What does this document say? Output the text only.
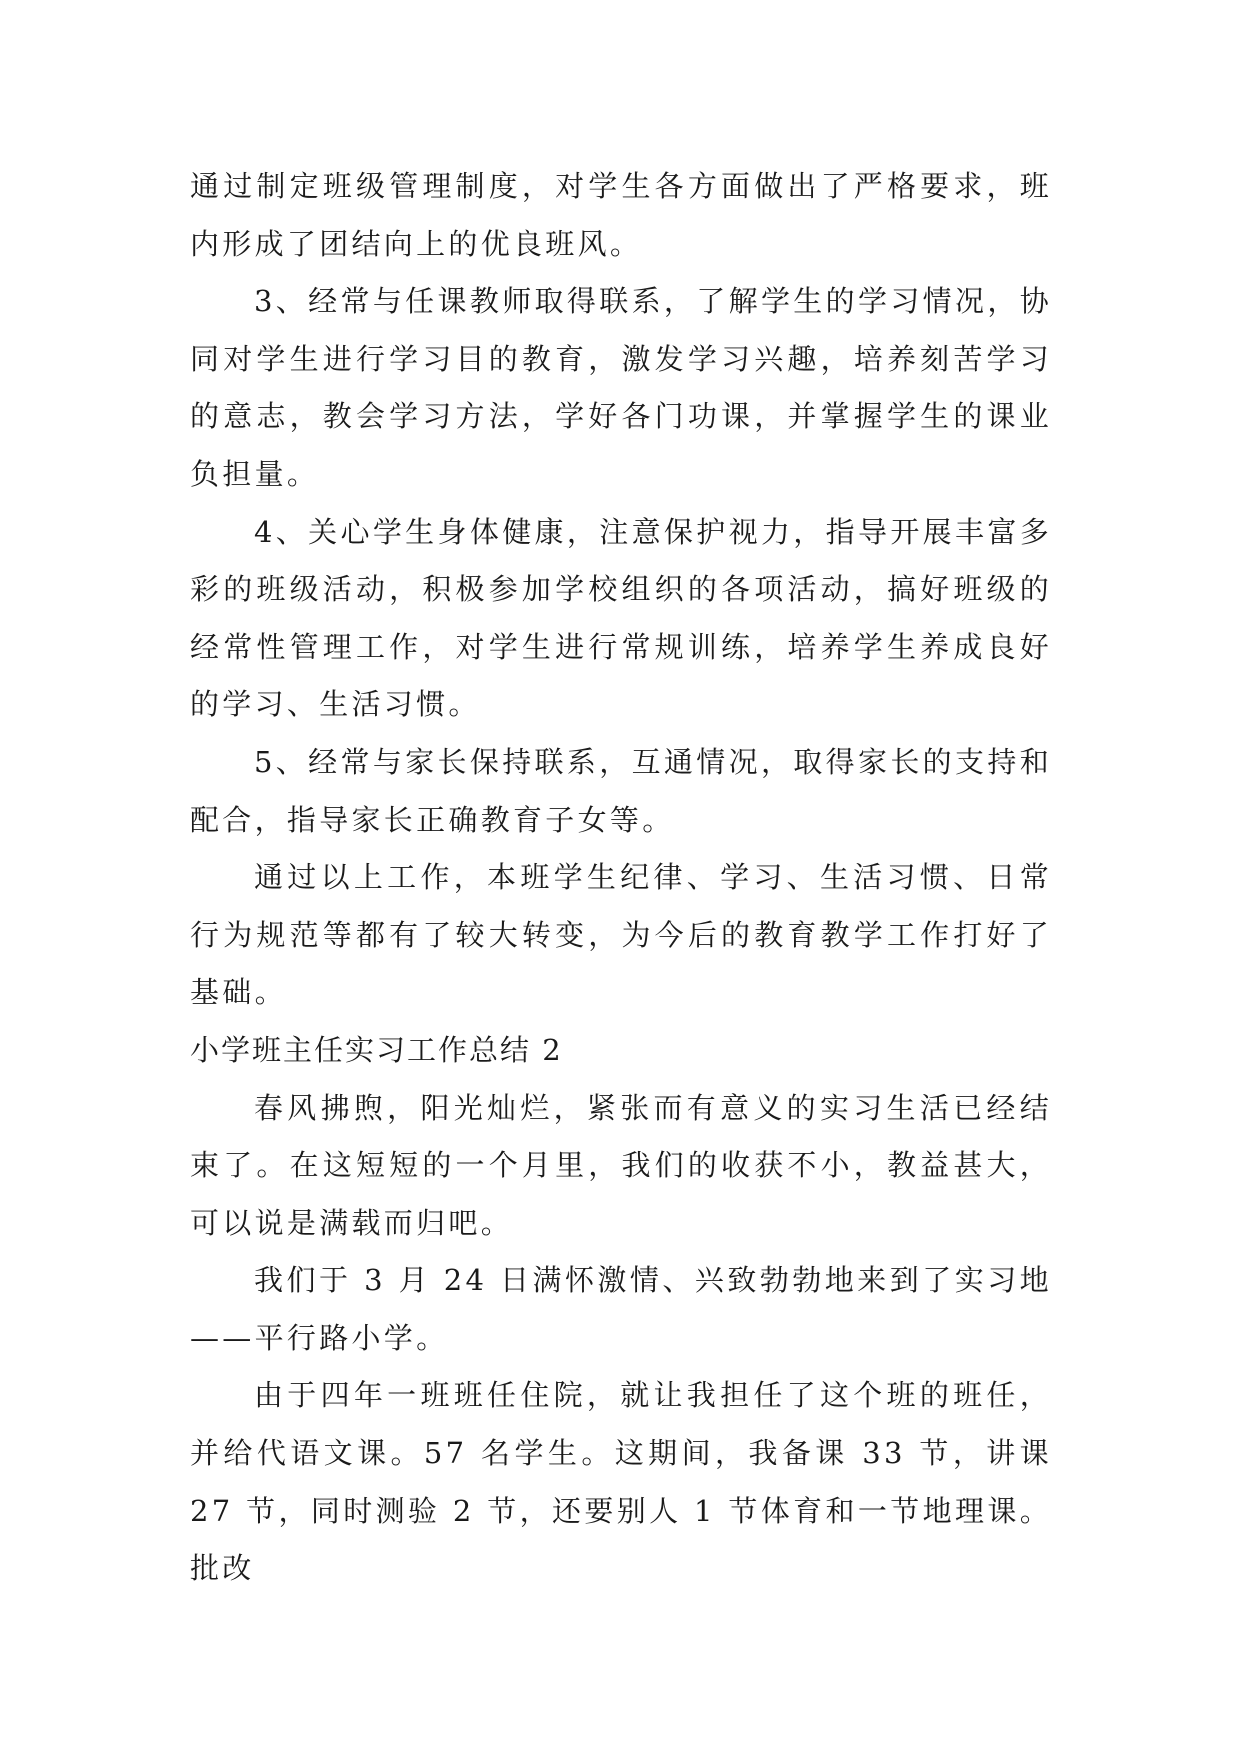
通过制定班级管理制度，对学生各方面做出了严格要求，班内形成了团结向上的优良班风。

3、经常与任课教师取得联系，了解学生的学习情况，协同对学生进行学习目的教育，激发学习兴趣，培养刻苦学习的意志，教会学习方法，学好各门功课，并掌握学生的课业负担量。

4、关心学生身体健康，注意保护视力，指导开展丰富多彩的班级活动，积极参加学校组织的各项活动，搞好班级的经常性管理工作，对学生进行常规训练，培养学生养成良好的学习、生活习惯。

5、经常与家长保持联系，互通情况，取得家长的支持和配合，指导家长正确教育子女等。

通过以上工作，本班学生纪律、学习、生活习惯、日常行为规范等都有了较大转变，为今后的教育教学工作打好了基础。

小学班主任实习工作总结 2

春风拂煦，阳光灿烂，紧张而有意义的实习生活已经结束了。在这短短的一个月里，我们的收获不小，教益甚大，可以说是满载而归吧。

我们于 3 月 24 日满怀激情、兴致勃勃地来到了实习地——平行路小学。

由于四年一班班任住院，就让我担任了这个班的班任，并给代语文课。57 名学生。这期间，我备课 33 节，讲课 27 节，同时测验 2 节，还要别人 1 节体育和一节地理课。批改
